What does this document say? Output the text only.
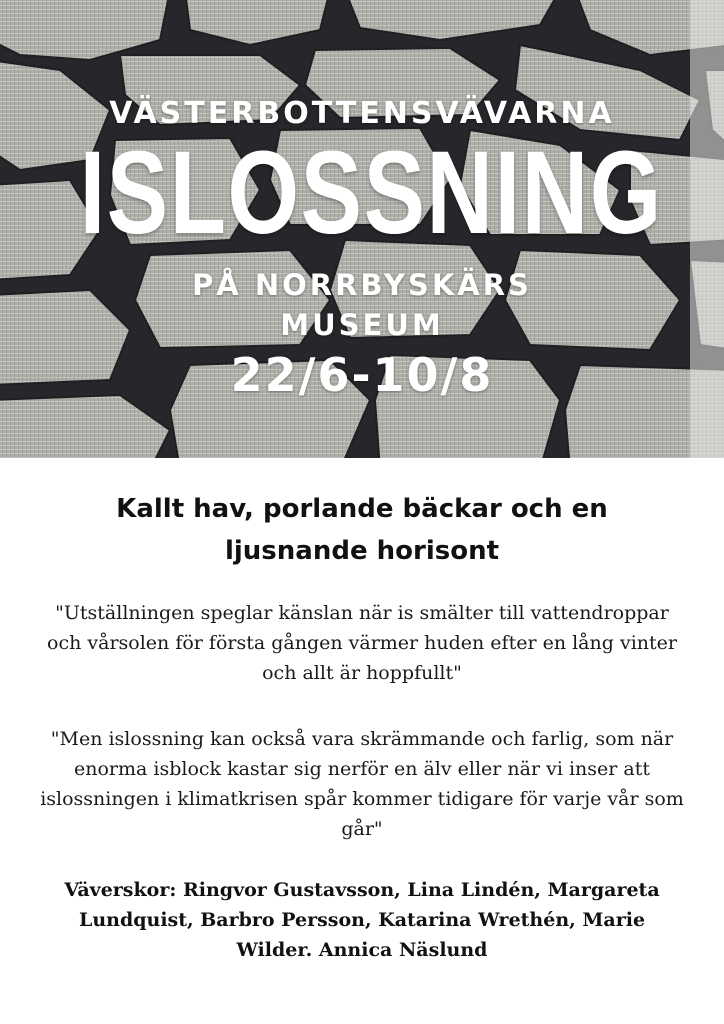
VÄSTERBOTTENSVÄVARNA
ISLOSSNING
PÅ NORRBYSKÄRS
MUSEUM
22/6-10/8
Kallt hav, porlande bäckar och en ljusnande horisont
"Utställningen speglar känslan när is smälter till vattendroppar och vårsolen för första gången värmer huden efter en lång vinter och allt är hoppfullt"
"Men islossning kan också vara skrämmande och farlig, som när enorma isblock kastar sig nerför en älv eller när vi inser att islossningen i klimatkrisen spår kommer tidigare för varje vår som går"
Väverskor: Ringvor Gustavsson, Lina Lindén, Margareta Lundquist, Barbro Persson, Katarina Wrethén, Marie Wilder. Annica Näslund
